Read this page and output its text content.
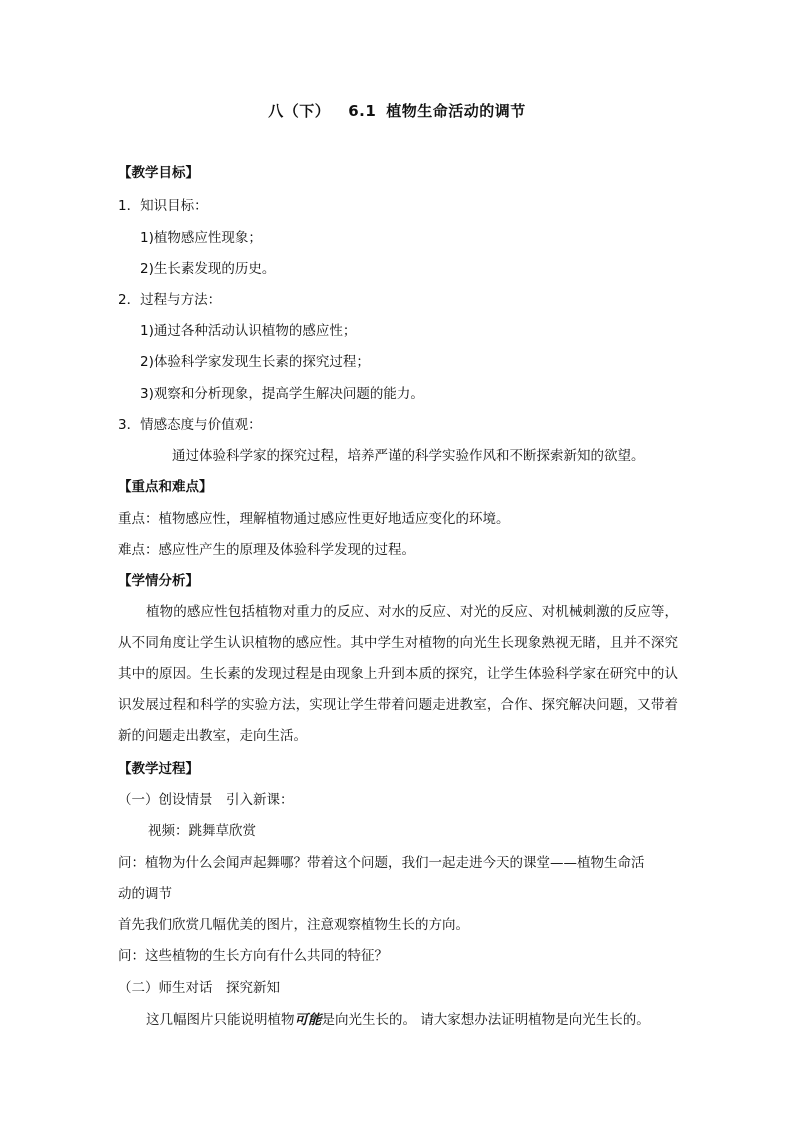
八（下） 6.1 植物生命活动的调节
【教学目标】
1．知识目标：
1)植物感应性现象；
2)生长素发现的历史。
2．过程与方法：
1)通过各种活动认识植物的感应性；
2)体验科学家发现生长素的探究过程；
3)观察和分析现象，提高学生解决问题的能力。
3．情感态度与价值观：
通过体验科学家的探究过程，培养严谨的科学实验作风和不断探索新知的欲望。
【重点和难点】
重点：植物感应性，理解植物通过感应性更好地适应变化的环境。
难点：感应性产生的原理及体验科学发现的过程。
【学情分析】
植物的感应性包括植物对重力的反应、对水的反应、对光的反应、对机械刺激的反应等，从不同角度让学生认识植物的感应性。其中学生对植物的向光生长现象熟视无睹，且并不深究其中的原因。生长素的发现过程是由现象上升到本质的探究，让学生体验科学家在研究中的认识发展过程和科学的实验方法，实现让学生带着问题走进教室，合作、探究解决问题，又带着新的问题走出教室，走向生活。
【教学过程】
（一）创设情景　引入新课：
视频：跳舞草欣赏
问：植物为什么会闻声起舞哪？带着这个问题，我们一起走进今天的课堂——植物生命活
动的调节
首先我们欣赏几幅优美的图片，注意观察植物生长的方向。
问：这些植物的生长方向有什么共同的特征？
（二）师生对话　探究新知
这几幅图片只能说明植物可能是向光生长的。 请大家想办法证明植物是向光生长的。
